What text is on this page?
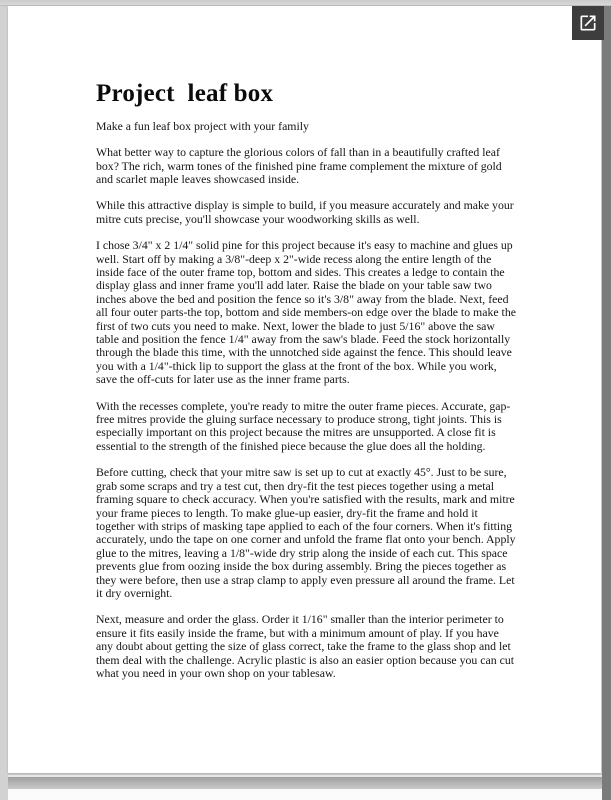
Project  leaf box

Make a fun leaf box project with your family

What better way to capture the glorious colors of fall than in a beautifully crafted leaf box? The rich, warm tones of the finished pine frame complement the mixture of gold and scarlet maple leaves showcased inside.

While this attractive display is simple to build, if you measure accurately and make your mitre cuts precise, you'll showcase your woodworking skills as well.

I chose 3/4" x 2 1/4" solid pine for this project because it's easy to machine and glues up well. Start off by making a 3/8"-deep x 2"-wide recess along the entire length of the inside face of the outer frame top, bottom and sides. This creates a ledge to contain the display glass and inner frame you'll add later. Raise the blade on your table saw two inches above the bed and position the fence so it's 3/8" away from the blade. Next, feed all four outer parts-the top, bottom and side members-on edge over the blade to make the first of two cuts you need to make. Next, lower the blade to just 5/16" above the saw table and position the fence 1/4" away from the saw's blade. Feed the stock horizontally through the blade this time, with the unnotched side against the fence. This should leave you with a 1/4"-thick lip to support the glass at the front of the box. While you work, save the off-cuts for later use as the inner frame parts.

With the recesses complete, you're ready to mitre the outer frame pieces. Accurate, gap-free mitres provide the gluing surface necessary to produce strong, tight joints. This is especially important on this project because the mitres are unsupported. A close fit is essential to the strength of the finished piece because the glue does all the holding.

Before cutting, check that your mitre saw is set up to cut at exactly 45°. Just to be sure, grab some scraps and try a test cut, then dry-fit the test pieces together using a metal framing square to check accuracy. When you're satisfied with the results, mark and mitre your frame pieces to length. To make glue-up easier, dry-fit the frame and hold it together with strips of masking tape applied to each of the four corners. When it's fitting accurately, undo the tape on one corner and unfold the frame flat onto your bench. Apply glue to the mitres, leaving a 1/8"-wide dry strip along the inside of each cut. This space prevents glue from oozing inside the box during assembly. Bring the pieces together as they were before, then use a strap clamp to apply even pressure all around the frame. Let it dry overnight.

Next, measure and order the glass. Order it 1/16" smaller than the interior perimeter to ensure it fits easily inside the frame, but with a minimum amount of play. If you have any doubt about getting the size of glass correct, take the frame to the glass shop and let them deal with the challenge. Acrylic plastic is also an easier option because you can cut what you need in your own shop on your tablesaw.
